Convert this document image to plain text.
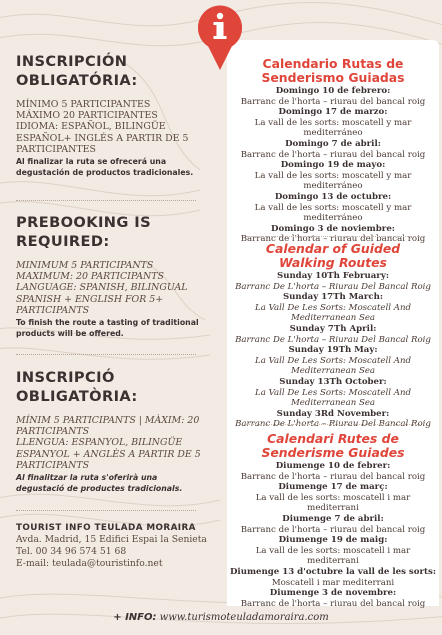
INSCRIPCIÓN
OBLIGATÓRIA:
MÍNIMO 5 PARTICIPANTES
MÁXIMO 20 PARTICIPANTES
IDIOMA: ESPAÑOL, BILINGÜE ESPAÑOL+ INGLÉS A PARTIR DE 5 PARTICIPANTES
Al finalizar la ruta se ofrecerá una degustación de productos tradicionales.
PREBOOKING IS
REQUIRED:
MINIMUM 5 PARTICIPANTS
MAXIMUM: 20 PARTICIPANTS
LANGUAGE: SPANISH, BILINGUAL SPANISH + ENGLISH FOR 5+ PARTICIPANTS
To finish the route a tasting of traditional products will be offered.
INSCRIPCIÓ
OBLIGATÒRIA:
MÍNIM 5 PARTICIPANTS | MÀXIM: 20 PARTICIPANTS
LLENGUA: ESPANYOL, BILINGÜE ESPANYOL + ANGLÈS A PARTIR DE 5 PARTICIPANTS
Al finalitzar la ruta s'oferirà una degustació de productes tradicionals.
TOURIST INFO TEULADA MORAIRA
Avda. Madrid, 15 Edifici Espai la Senieta
Tel. 00 34 96 574 51 68
E-mail: teulada@touristinfo.net
Calendario Rutas de
Senderismo Guiadas
Domingo 10 de febrero:
Barranc de l'horta – riurau del bancal roig
Domingo 17 de marzo:
La vall de les sorts: moscatell y mar
mediterráneo
Domingo 7 de abril:
Barranc de l'horta – riurau del bancal roig
Domingo 19 de mayo:
La vall de les sorts: moscatell y mar
mediterráneo
Domingo 13 de octubre:
La vall de les sorts: moscatell y mar
mediterráneo
Domingo 3 de noviembre:
Barranc de l'horta – riurau del bancal roig
Calendar of Guided
Walking Routes
Sunday 10Th February:
Barranc De L'horta – Riurau Del Bancal Roig
Sunday 17Th March:
La Vall De Les Sorts: Moscatell And
Mediterranean Sea
Sunday 7Th April:
Barranc De L'horta – Riurau Del Bancal Roig
Sunday 19Th May:
La Vall De Les Sorts: Moscatell And
Mediterranean Sea
Sunday 13Th October:
La Vall De Les Sorts: Moscatell And
Mediterranean Sea
Sunday 3Rd November:
Barranc De L'horta – Riurau Del Bancal Roig
Calendari Rutes de
Senderisme Guiades
Diumenge 10 de febrer:
Barranc de l'horta – riurau del bancal roig
Diumenge 17 de març:
La vall de les sorts: moscatell i mar
mediterrani
Diumenge 7 de abril:
Barranc de l'horta – riurau del bancal roig
Diumenge 19 de maig:
La vall de les sorts: moscatell i mar
mediterrani
Diumenge 13 d'octubre la vall de les sorts:
Moscatell i mar mediterrani
Diumenge 3 de novembre:
Barranc de l'horta – riurau del bancal roig
+ INFO: www.turismoteuladamoraira.com
